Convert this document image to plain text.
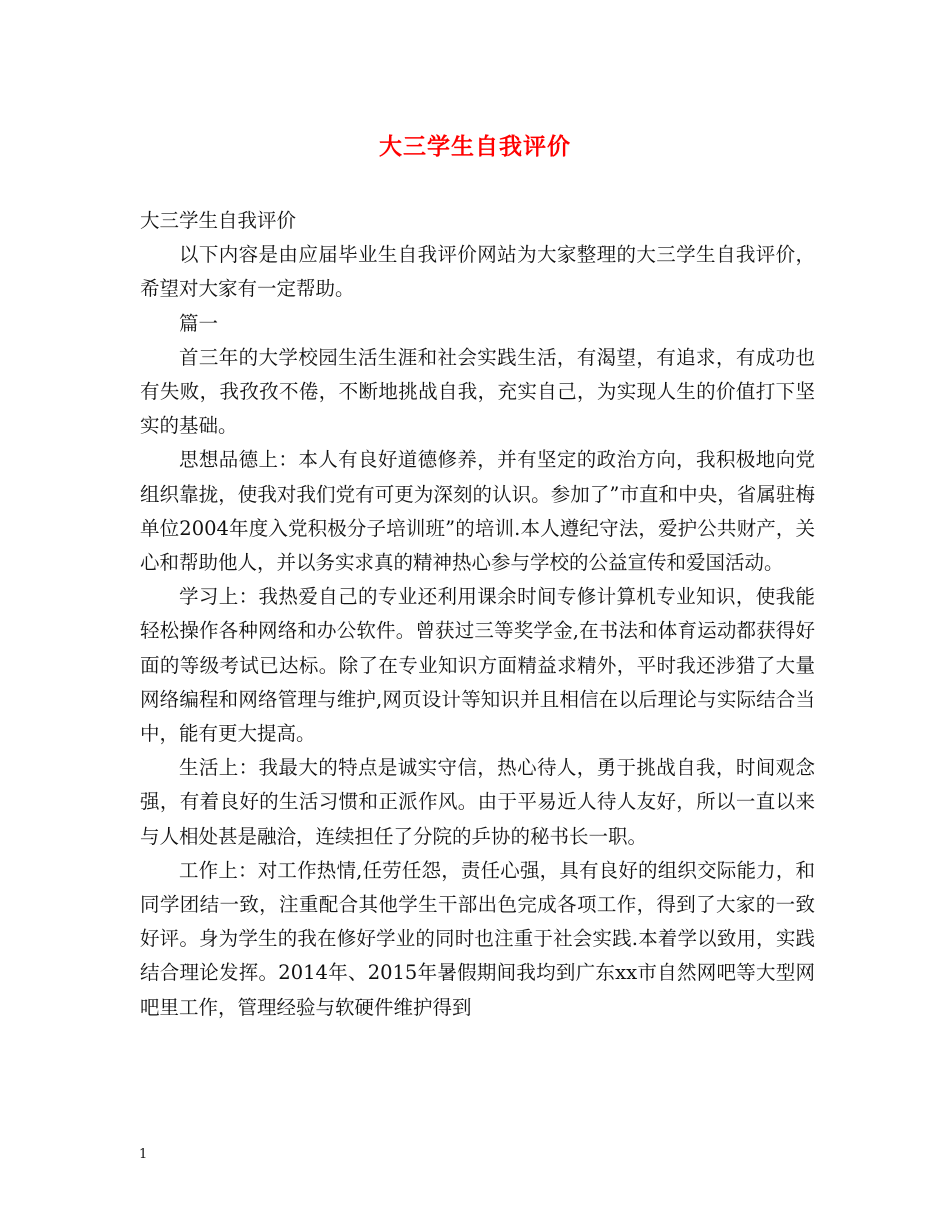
大三学生自我评价

大三学生自我评价

以下内容是由应届毕业生自我评价网站为大家整理的大三学生自我评价，希望对大家有一定帮助。

篇一

首三年的大学校园生活生涯和社会实践生活，有渴望，有追求，有成功也有失败，我孜孜不倦，不断地挑战自我，充实自己，为实现人生的价值打下坚实的基础。

思想品德上：本人有良好道德修养，并有坚定的政治方向，我积极地向党组织靠拢，使我对我们党有可更为深刻的认识。参加了”市直和中央，省属驻梅单位2004年度入党积极分子培训班”的培训.本人遵纪守法，爱护公共财产，关心和帮助他人，并以务实求真的精神热心参与学校的公益宣传和爱国活动。

学习上：我热爱自己的专业还利用课余时间专修计算机专业知识，使我能轻松操作各种网络和办公软件。曾获过三等奖学金,在书法和体育运动都获得好面的等级考试已达标。除了在专业知识方面精益求精外，平时我还涉猎了大量网络编程和网络管理与维护,网页设计等知识并且相信在以后理论与实际结合当中，能有更大提高。

生活上：我最大的特点是诚实守信，热心待人，勇于挑战自我，时间观念强，有着良好的生活习惯和正派作风。由于平易近人待人友好，所以一直以来与人相处甚是融洽，连续担任了分院的乒协的秘书长一职。

工作上：对工作热情,任劳任怨，责任心强，具有良好的组织交际能力，和同学团结一致，注重配合其他学生干部出色完成各项工作，得到了大家的一致好评。身为学生的我在修好学业的同时也注重于社会实践.本着学以致用，实践结合理论发挥。2014年、2015年暑假期间我均到广东xx市自然网吧等大型网吧里工作，管理经验与软硬件维护得到

1
